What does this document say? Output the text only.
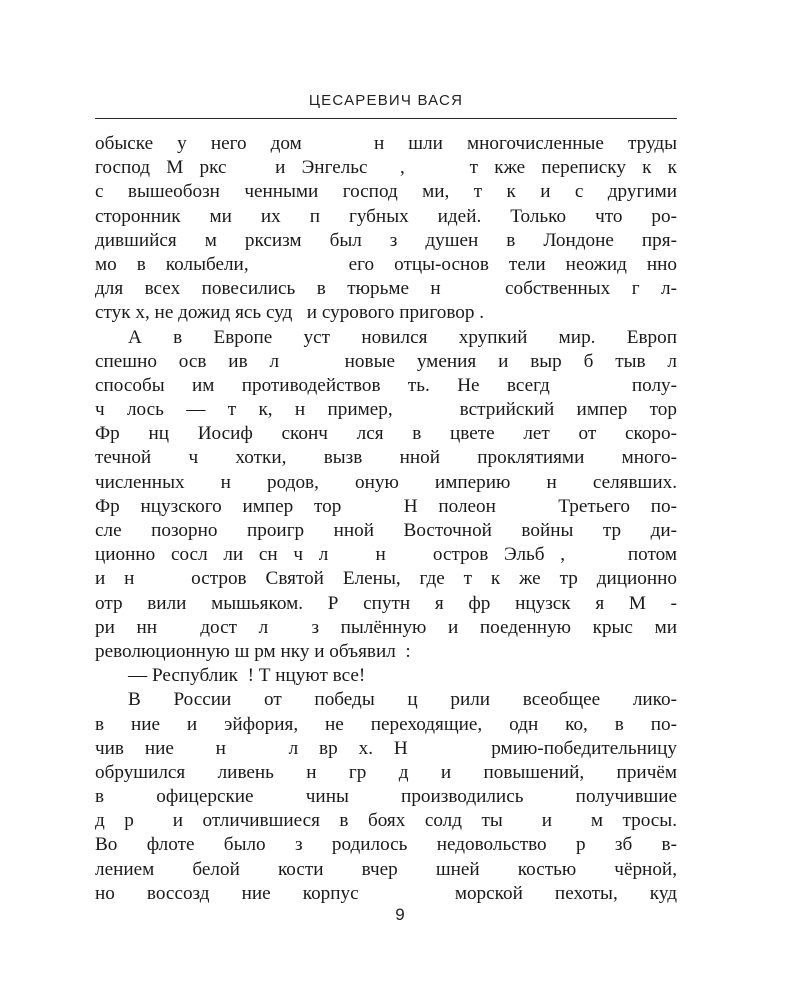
ЦЕСАРЕВИЧ ВАСЯ
обыске у него дом   н шли многочисленные труды
господ М ркс   и Энгельс  ,    т кже переписку к к
с вышеобозн ченными господ ми, т к и с другими
сторонник ми их п губных идей. Только что ро-
дившийся м рксизм был з душен в Лондоне пря-
мо в колыбели,     его отцы-основ тели неожид нно
для всех повесились в тюрьме н   собственных г л-
стук х, не дожид ясь суд   и сурового приговор .
А в Европе уст новился хрупкий мир. Европ
спешно осв ив л   новые умения и выр б тыв л
способы им противодействов ть. Не всегд   полу-
ч лось — т к, н пример,   встрийский импер тор
Фр нц Иосиф сконч лся в цвете лет от скоро-
течной ч хотки, вызв нной проклятиями много-
численных н родов, оную империю н селявших.
Фр нцузского импер тор   Н полеон   Третьего по-
сле позорно проигр нной Восточной войны тр ди-
ционно сосл ли сн ч л   н   остров Эльб ,    потом
и н   остров Святой Елены, где т к же тр диционно
отр вили мышьяком. Р спутн я фр нцузск я М -
ри нн  дост л  з пылённую и поеденную крыс ми
революционную ш рм нку и объявил  :
— Республик  ! Т нцуют все!
В России от победы ц рили всеобщее лико-
в ние и эйфория, не переходящие, одн ко, в по-
чив ние  н   л вр х. Н    рмию-победительницу
обрушился ливень н гр д и повышений, причём
в офицерские чины производились получившие
д р  и отличившиеся в боях солд ты  и  м тросы.
Во флоте было з родилось недовольство р зб в-
лением белой кости вчер шней костью чёрной,
но воссозд ние корпус   морской пехоты, куд
9
